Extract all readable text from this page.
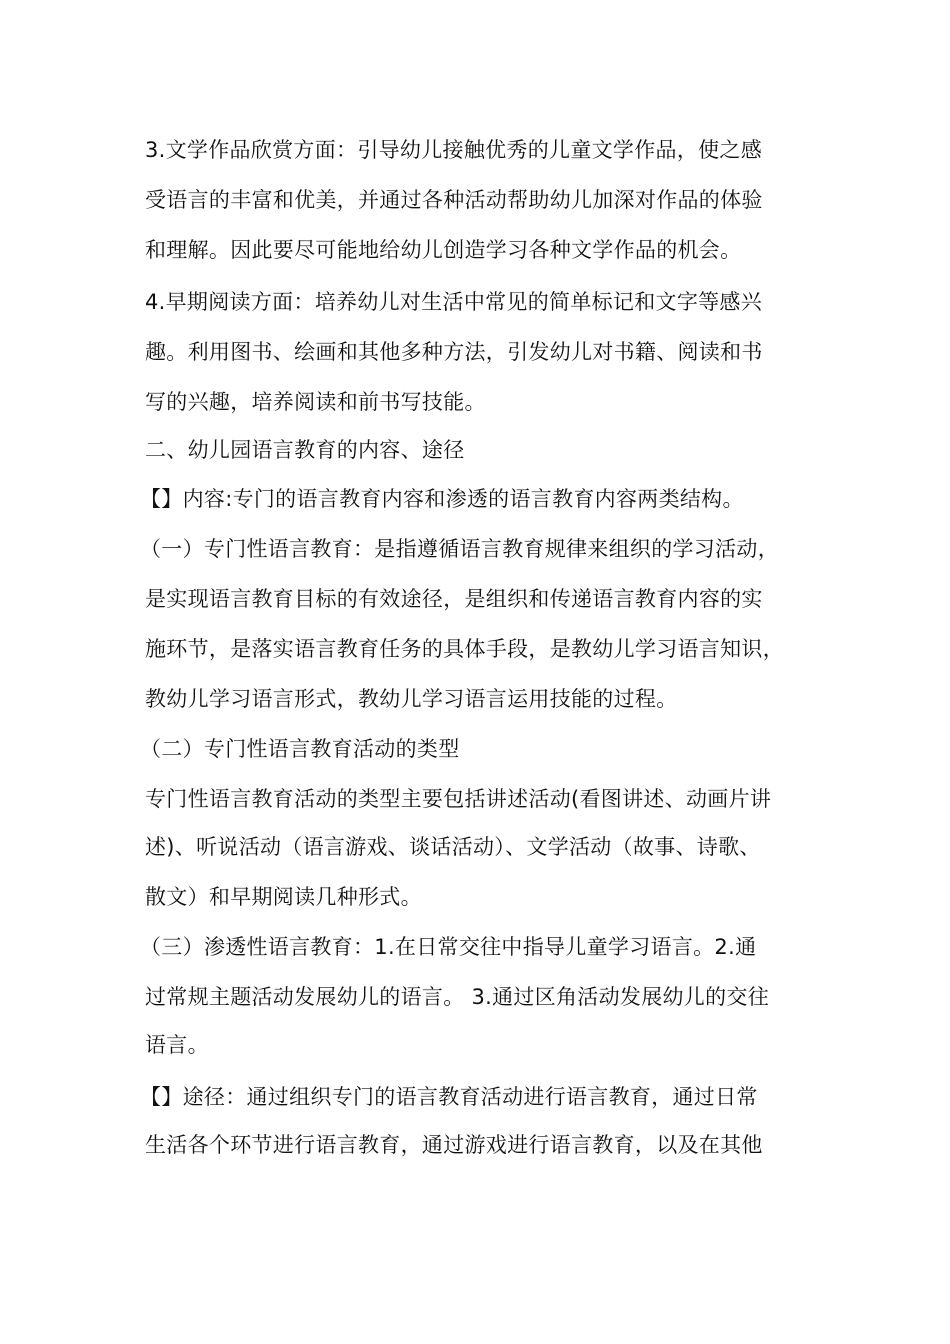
3.文学作品欣赏方面：引导幼儿接触优秀的儿童文学作品，使之感
受语言的丰富和优美，并通过各种活动帮助幼儿加深对作品的体验
和理解。因此要尽可能地给幼儿创造学习各种文学作品的机会。
4.早期阅读方面：培养幼儿对生活中常见的简单标记和文字等感兴
趣。利用图书、绘画和其他多种方法，引发幼儿对书籍、阅读和书
写的兴趣，培养阅读和前书写技能。
二、幼儿园语言教育的内容、途径
【】内容:专门的语言教育内容和渗透的语言教育内容两类结构。
（一）专门性语言教育：是指遵循语言教育规律来组织的学习活动，
是实现语言教育目标的有效途径，是组织和传递语言教育内容的实
施环节，是落实语言教育任务的具体手段，是教幼儿学习语言知识，
教幼儿学习语言形式，教幼儿学习语言运用技能的过程。
（二）专门性语言教育活动的类型
专门性语言教育活动的类型主要包括讲述活动(看图讲述、动画片讲
述)、听说活动（语言游戏、谈话活动）、文学活动（故事、诗歌、
散文）和早期阅读几种形式。
（三）渗透性语言教育：1.在日常交往中指导儿童学习语言。2.通
过常规主题活动发展幼儿的语言。 3.通过区角活动发展幼儿的交往
语言。
【】途径：通过组织专门的语言教育活动进行语言教育，通过日常
生活各个环节进行语言教育，通过游戏进行语言教育，以及在其他
